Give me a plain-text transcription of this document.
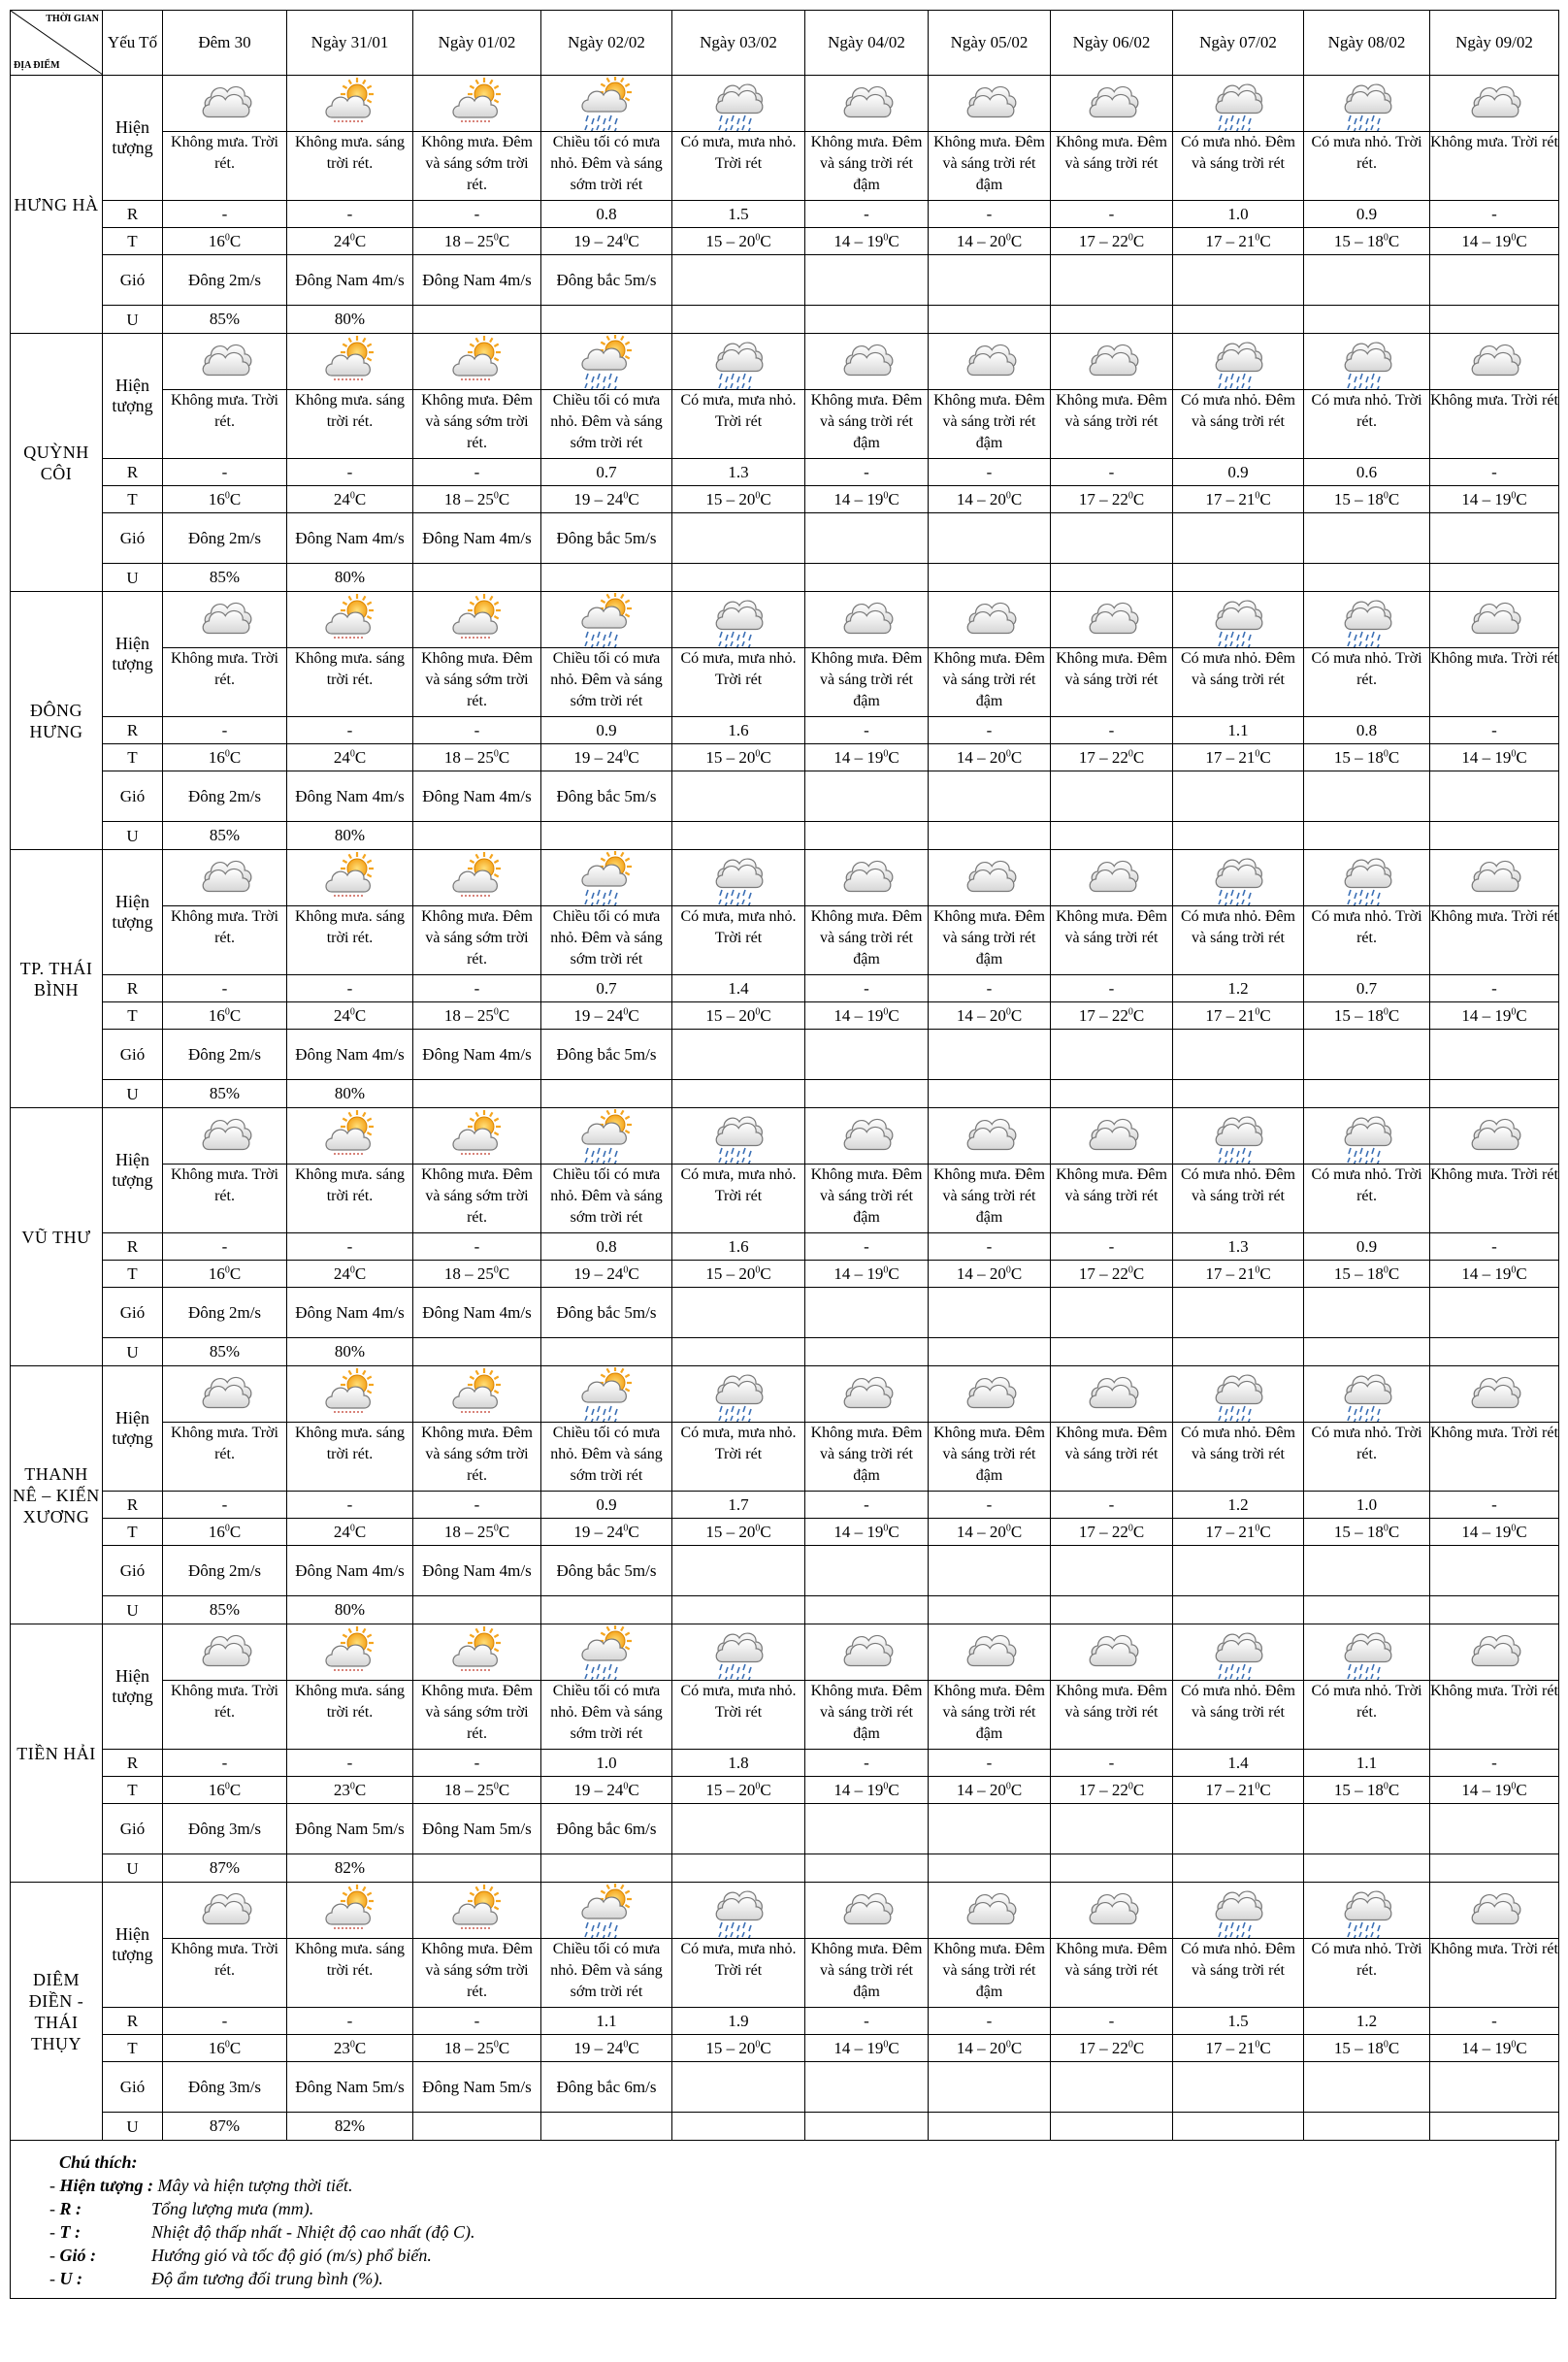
THỜI GIAN
ĐỊA ĐIỂM	Yếu Tố	Đêm 30	Ngày 31/01	Ngày 01/02	Ngày 02/02	Ngày 03/02	Ngày 04/02	Ngày 05/02	Ngày 06/02	Ngày 07/02	Ngày 08/02	Ngày 09/02
HƯNG HÀ	Hiện tượng	

		Không mưa. Trời rét.	Không mưa. sáng trời rét.	Không mưa. Đêm và sáng sớm trời rét.	Chiều tối có mưa nhỏ. Đêm và sáng sớm trời rét	Có mưa, mưa nhỏ. Trời rét	Không mưa. Đêm và sáng trời rét đậm	Không mưa. Đêm và sáng trời rét đậm	Không mưa. Đêm và sáng trời rét	Có mưa nhỏ. Đêm và sáng trời rét	Có mưa nhỏ. Trời rét.	Không mưa. Trời rét
	R	-	-	-	0.8	1.5	-	-	-	1.0	0.9	-
	T	$16^0C$	$24^0C$	$18 - 25^0C$	$19 - 24^0C$	$15 - 20^0C$	$14 - 19^0C$	$14 - 20^0C$	$17 - 22^0C$	$17 - 21^0C$	$15 - 18^0C$	$14 - 19^0C$
	Gió	Đông 2m/s	Đông Nam 4m/s	Đông Nam 4m/s	Đông bắc 5m/s							
	U	85%	80%									
QUỲNH CÔI	Hiện tượng	

		Không mưa. Trời rét.	Không mưa. sáng trời rét.	Không mưa. Đêm và sáng sớm trời rét.	Chiều tối có mưa nhỏ. Đêm và sáng sớm trời rét	Có mưa, mưa nhỏ. Trời rét	Không mưa. Đêm và sáng trời rét đậm	Không mưa. Đêm và sáng trời rét đậm	Không mưa. Đêm và sáng trời rét	Có mưa nhỏ. Đêm và sáng trời rét	Có mưa nhỏ. Trời rét.	Không mưa. Trời rét
	R	-	-	-	0.7	1.3	-	-	-	0.9	0.6	-
	T	$16^0C$	$24^0C$	$18 - 25^0C$	$19 - 24^0C$	$15 - 20^0C$	$14 - 19^0C$	$14 - 20^0C$	$17 - 22^0C$	$17 - 21^0C$	$15 - 18^0C$	$14 - 19^0C$
	Gió	Đông 2m/s	Đông Nam 4m/s	Đông Nam 4m/s	Đông bắc 5m/s							
	U	85%	80%									
ĐÔNG HƯNG	Hiện tượng	

		Không mưa. Trời rét.	Không mưa. sáng trời rét.	Không mưa. Đêm và sáng sớm trời rét.	Chiều tối có mưa nhỏ. Đêm và sáng sớm trời rét	Có mưa, mưa nhỏ. Trời rét	Không mưa. Đêm và sáng trời rét đậm	Không mưa. Đêm và sáng trời rét đậm	Không mưa. Đêm và sáng trời rét	Có mưa nhỏ. Đêm và sáng trời rét	Có mưa nhỏ. Trời rét.	Không mưa. Trời rét
	R	-	-	-	0.9	1.6	-	-	-	1.1	0.8	-
	T	$16^0C$	$24^0C$	$18 - 25^0C$	$19 - 24^0C$	$15 - 20^0C$	$14 - 19^0C$	$14 - 20^0C$	$17 - 22^0C$	$17 - 21^0C$	$15 - 18^0C$	$14 - 19^0C$
	Gió	Đông 2m/s	Đông Nam 4m/s	Đông Nam 4m/s	Đông bắc 5m/s							
	U	85%	80%									
TP. THÁI BÌNH	Hiện tượng	

		Không mưa. Trời rét.	Không mưa. sáng trời rét.	Không mưa. Đêm và sáng sớm trời rét.	Chiều tối có mưa nhỏ. Đêm và sáng sớm trời rét	Có mưa, mưa nhỏ. Trời rét	Không mưa. Đêm và sáng trời rét đậm	Không mưa. Đêm và sáng trời rét đậm	Không mưa. Đêm và sáng trời rét	Có mưa nhỏ. Đêm và sáng trời rét	Có mưa nhỏ. Trời rét.	Không mưa. Trời rét
	R	-	-	-	0.7	1.4	-	-	-	1.2	0.7	-
	T	$16^0C$	$24^0C$	$18 - 25^0C$	$19 - 24^0C$	$15 - 20^0C$	$14 - 19^0C$	$14 - 20^0C$	$17 - 22^0C$	$17 - 21^0C$	$15 - 18^0C$	$14 - 19^0C$
	Gió	Đông 2m/s	Đông Nam 4m/s	Đông Nam 4m/s	Đông bắc 5m/s							
	U	85%	80%									
VŨ THƯ	Hiện tượng	

		Không mưa. Trời rét.	Không mưa. sáng trời rét.	Không mưa. Đêm và sáng sớm trời rét.	Chiều tối có mưa nhỏ. Đêm và sáng sớm trời rét	Có mưa, mưa nhỏ. Trời rét	Không mưa. Đêm và sáng trời rét đậm	Không mưa. Đêm và sáng trời rét đậm	Không mưa. Đêm và sáng trời rét	Có mưa nhỏ. Đêm và sáng trời rét	Có mưa nhỏ. Trời rét.	Không mưa. Trời rét
	R	-	-	-	0.8	1.6	-	-	-	1.3	0.9	-
	T	$16^0C$	$24^0C$	$18 - 25^0C$	$19 - 24^0C$	$15 - 20^0C$	$14 - 19^0C$	$14 - 20^0C$	$17 - 22^0C$	$17 - 21^0C$	$15 - 18^0C$	$14 - 19^0C$
	Gió	Đông 2m/s	Đông Nam 4m/s	Đông Nam 4m/s	Đông bắc 5m/s							
	U	85%	80%									
THANH NÊ – KIẾN XƯƠNG	Hiện tượng	

		Không mưa. Trời rét.	Không mưa. sáng trời rét.	Không mưa. Đêm và sáng sớm trời rét.	Chiều tối có mưa nhỏ. Đêm và sáng sớm trời rét	Có mưa, mưa nhỏ. Trời rét	Không mưa. Đêm và sáng trời rét đậm	Không mưa. Đêm và sáng trời rét đậm	Không mưa. Đêm và sáng trời rét	Có mưa nhỏ. Đêm và sáng trời rét	Có mưa nhỏ. Trời rét.	Không mưa. Trời rét
	R	-	-	-	0.9	1.7	-	-	-	1.2	1.0	-
	T	$16^0C$	$24^0C$	$18 - 25^0C$	$19 - 24^0C$	$15 - 20^0C$	$14 - 19^0C$	$14 - 20^0C$	$17 - 22^0C$	$17 - 21^0C$	$15 - 18^0C$	$14 - 19^0C$
	Gió	Đông 2m/s	Đông Nam 4m/s	Đông Nam 4m/s	Đông bắc 5m/s							
	U	85%	80%									
TIỀN HẢI	Hiện tượng	

		Không mưa. Trời rét.	Không mưa. sáng trời rét.	Không mưa. Đêm và sáng sớm trời rét.	Chiều tối có mưa nhỏ. Đêm và sáng sớm trời rét	Có mưa, mưa nhỏ. Trời rét	Không mưa. Đêm và sáng trời rét đậm	Không mưa. Đêm và sáng trời rét đậm	Không mưa. Đêm và sáng trời rét	Có mưa nhỏ. Đêm và sáng trời rét	Có mưa nhỏ. Trời rét.	Không mưa. Trời rét
	R	-	-	-	1.0	1.8	-	-	-	1.4	1.1	-
	T	$16^0C$	$23^0C$	$18 - 25^0C$	$19 - 24^0C$	$15 - 20^0C$	$14 - 19^0C$	$14 - 20^0C$	$17 - 22^0C$	$17 - 21^0C$	$15 - 18^0C$	$14 - 19^0C$
	Gió	Đông 3m/s	Đông Nam 5m/s	Đông Nam 5m/s	Đông bắc 6m/s							
	U	87%	82%									
DIÊM ĐIỀN - THÁI THỤY	Hiện tượng	

		Không mưa. Trời rét.	Không mưa. sáng trời rét.	Không mưa. Đêm và sáng sớm trời rét.	Chiều tối có mưa nhỏ. Đêm và sáng sớm trời rét	Có mưa, mưa nhỏ. Trời rét	Không mưa. Đêm và sáng trời rét đậm	Không mưa. Đêm và sáng trời rét đậm	Không mưa. Đêm và sáng trời rét	Có mưa nhỏ. Đêm và sáng trời rét	Có mưa nhỏ. Trời rét.	Không mưa. Trời rét
	R	-	-	-	1.1	1.9	-	-	-	1.5	1.2	-
	T	$16^0C$	$23^0C$	$18 - 25^0C$	$19 - 24^0C$	$15 - 20^0C$	$14 - 19^0C$	$14 - 20^0C$	$17 - 22^0C$	$17 - 21^0C$	$15 - 18^0C$	$14 - 19^0C$
	Gió	Đông 3m/s	Đông Nam 5m/s	Đông Nam 5m/s	Đông bắc 6m/s							
	U	87%	82%									
Chú thích:
- Hiện tượng : Mây và hiện tượng thời tiết.
- R :	Tổng lượng mưa (mm).
- T :	Nhiệt độ thấp nhất - Nhiệt độ cao nhất (độ C).
- Gió :	Hướng gió và tốc độ gió (m/s) phổ biến.
- U :	Độ ẩm tương đối trung bình (%).
